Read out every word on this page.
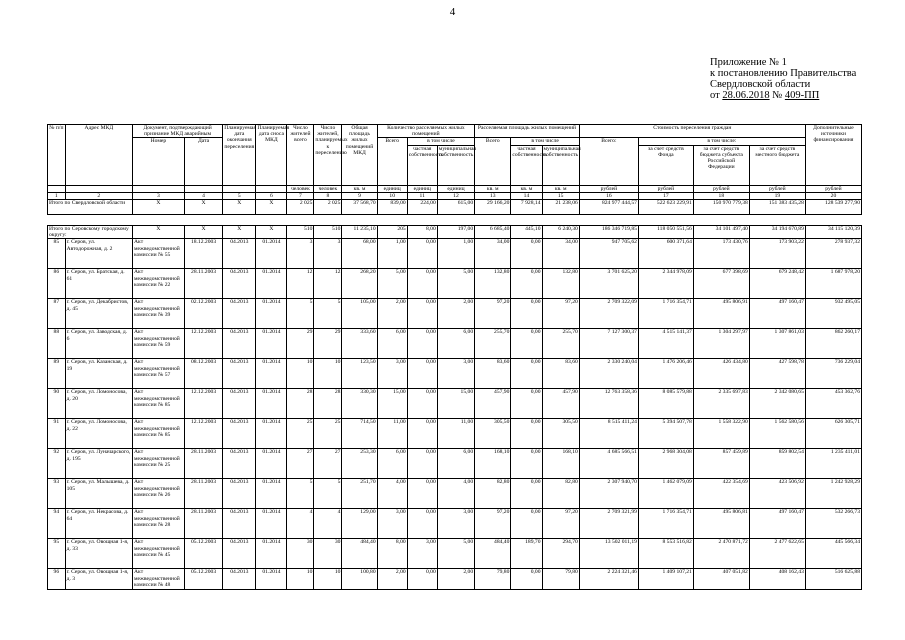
4
Приложение № 1
к постановлению Правительства
Свердловской области
от 28.06.2018 № 409-ПП
№ п/п	Адрес МКД	Документ, подтверждающий признание МКД аварийным		Планируемая дата окончания переселения	Планируемая дата сноса МКД	Число жителей всего	Число жителей, планируемых к переселению	Общая площадь жилых помещений МКД	Количество расселяемых жилых помещений			Расселяемая площадь жилых помещений			Стоимость переселения граждан				Дополнительные источники финансирования
		Номер	Дата						Всего	в том числе		Всего	в том числе		Всего:	в том числе:			
										частная собственность	муниципальная собственность		частная собственность	муниципальная собственность		за счет средств Фонда	за счет средств бюджета субъекта Российской Федерации	за счет средств местного бюджета	
						человек	человек	кв. м	единиц	единиц	единиц	кв. м	кв. м	кв. м	рублей	рублей	рублей	рублей	рублей
1	2	3	4	5	6	7	8	9	10	11	12	13	14	15	16	17	18	19	20
Итого по Свердловской области		X	X	X	X	2 025	2 025	37 568,70	839,00	224,00	615,00	29 166,20	7 928,14	21 238,06	824 977 444,57	522 623 229,91	150 970 779,38	151 383 435,28	128 539 277,90

Итого по Серовскому городскому округу:		X	X	X	X	510	510	11 235,10	205	8,00	197,00	6 685,40	445,10	6 240,30	186 346 719,85	118 050 551,56	34 101 497,40	34 194 670,89	34 115 120,39
85	г. Серов, ул. Автодорожная, д. 2	Акт межведомственной комиссии № 55	18.12.2003	04.2013	01.2014	3	3	68,00	1,00	0,00	1,00	34,00	0,00	34,00	947 705,62	600 371,64	173 430,76	173 903,22	278 937,32
86	г. Серов, ул. Братская, д. 61	Акт межведомственной комиссии № 22	28.11.2003	04.2013	01.2014	12	12	268,20	5,00	0,00	5,00	132,80	0,00	132,80	3 701 625,20	2 344 978,09	677 398,69	679 248,42	1 687 978,20
87	г. Серов, ул. Декабристов, д. 45	Акт межведомственной комиссии № 39	02.12.2003	04.2013	01.2014	5	5	105,00	2,00	0,00	2,00	97,20	0,00	97,20	2 709 322,09	1 716 354,71	495 806,91	497 160,47	932 495,05
88	г. Серов, ул. Заводская, д. 6	Акт межведомственной комиссии № 59	12.12.2003	04.2013	01.2014	29	29	333,60	6,00	0,00	6,00	255,70	0,00	255,70	7 127 300,37	4 515 141,37	1 304 297,97	1 307 861,03	862 260,17
89	г. Серов, ул. Казанская, д. 19	Акт межведомственной комиссии № 57	08.12.2003	04.2013	01.2014	10	10	123,50	3,00	0,00	3,00	83,60	0,00	83,60	2 330 240,04	1 476 206,46	426 434,80	427 598,78	736 229,04
90	г. Серов, ул. Ломоносова, д. 20	Акт межведомственной комиссии № 85	12.12.2003	04.2013	01.2014	28	28	330,30	15,00	0,00	15,00	457,90	0,00	457,90	12 763 358,36	8 085 579,88	2 335 697,83	2 342 080,65	453 362,76
91	г. Серов, ул. Ломоносова, д. 22	Акт межведомственной комиссии № 85	12.12.2003	04.2013	01.2014	25	25	714,50	11,00	0,00	11,00	305,50	0,00	305,50	8 515 411,24	5 394 507,78	1 558 322,90	1 562 580,56	626 305,71
92	г. Серов, ул. Луначарского, д. 195	Акт межведомственной комиссии № 25	28.11.2003	04.2013	01.2014	27	27	253,30	6,00	0,00	6,00	168,10	0,00	168,10	4 685 566,51	2 968 304,08	857 459,89	859 802,54	1 235 411,01
93	г. Серов, ул. Малышева, д. 105	Акт межведомственной комиссии № 26	28.11.2003	04.2013	01.2014	5	5	251,70	4,00	0,00	4,00	82,80	0,00	82,80	2 307 940,70	1 462 079,09	422 354,69	423 506,92	1 242 928,29
94	г. Серов, ул. Некрасова, д. 64	Акт межведомственной комиссии № 28	28.11.2003	04.2013	01.2014	4	4	129,00	3,00	0,00	3,00	97,20	0,00	97,20	2 709 321,99	1 716 354,71	495 806,81	497 160,47	532 266,73
95	г. Серов, ул. Овощная 1-я, д. 33	Акт межведомственной комиссии № 45	05.12.2003	04.2013	01.2014	30	30	484,40	8,00	3,00	5,00	484,40	189,70	294,70	13 502 011,19	8 553 516,82	2 470 871,72	2 477 622,65	445 566,34
96	г. Серов, ул. Овощная 1-я, д. 3	Акт межведомственной комиссии № 48	05.12.2003	04.2013	01.2014	10	10	100,80	2,00	0,00	2,00	79,80	0,00	79,80	2 224 321,46	1 409 107,21	407 051,82	408 162,43	516 625,88
